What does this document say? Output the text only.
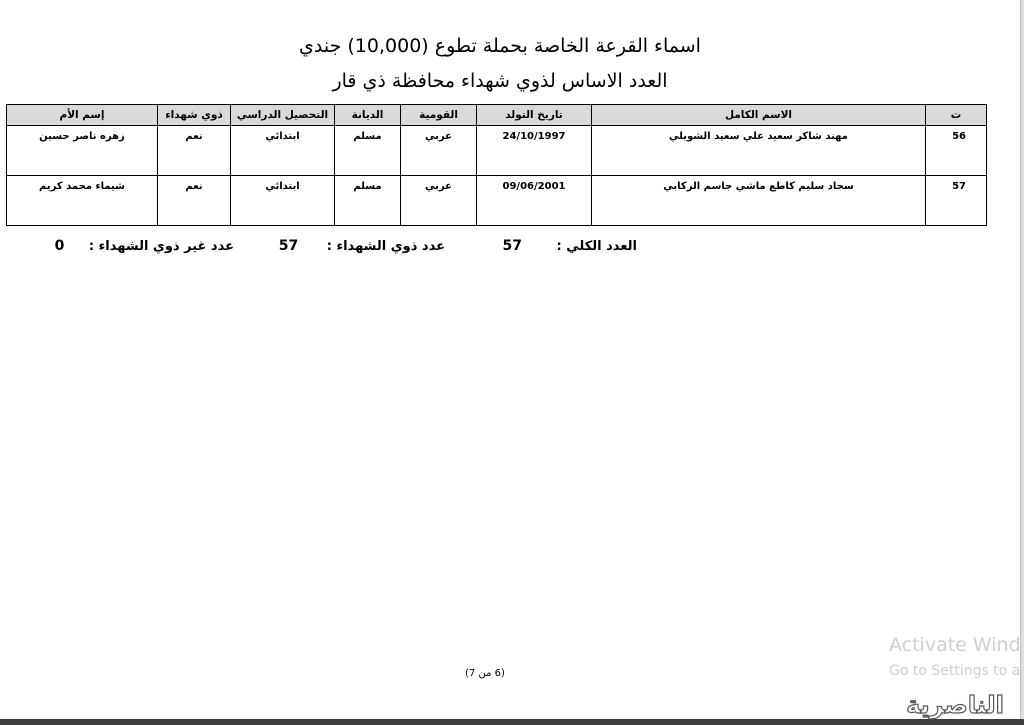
اسماء القرعة الخاصة بحملة تطوع (10,000) جندي
العدد الاساس لذوي شهداء محافظة ذي قار
ت	الاسم الكامل	تاريخ التولد	القومية	الديانة	التحصيل الدراسي	ذوي شهداء	إسم الأم
56	مهند شاكر سعيد علي سعيد الشويلي	24/10/1997	عربي	مسلم	ابتدائي	نعم	زهره ناصر حسين
57	سجاد سليم كاطع ماشي جاسم الركابي	09/06/2001	عربي	مسلم	ابتدائي	نعم	شيماء محمد كريم
العدد الكلي : 57
عدد ذوي الشهداء : 57
عدد غير ذوي الشهداء : 0
(6 من 7)
Activate Wind
Go to Settings to a
الناصرية
